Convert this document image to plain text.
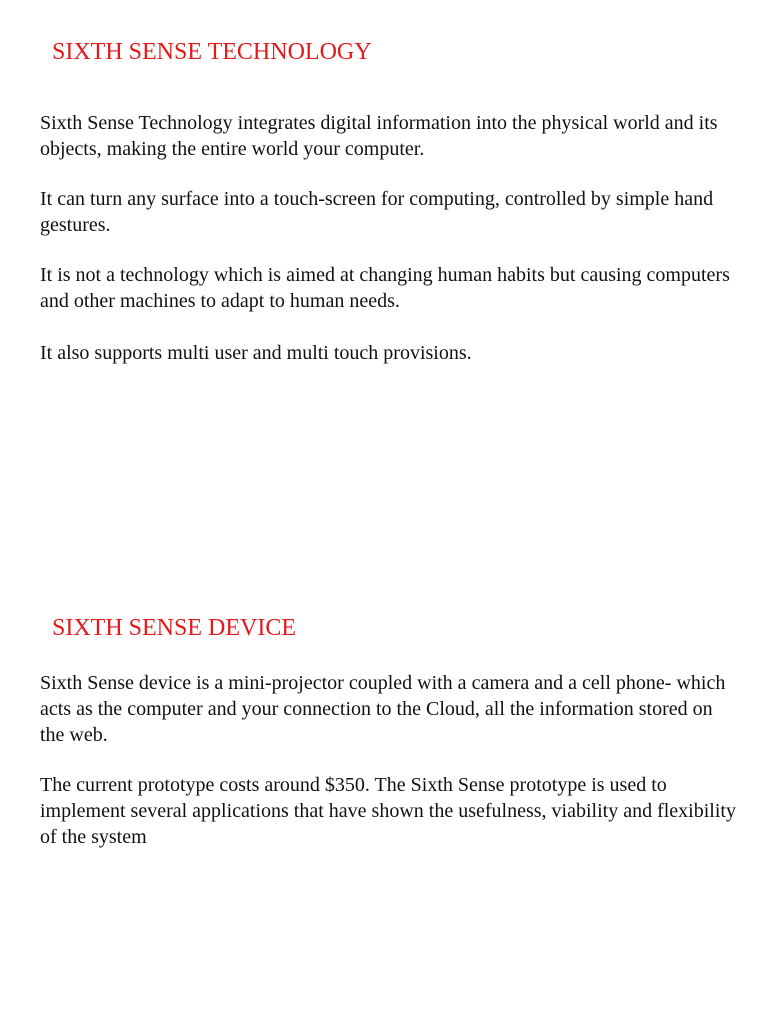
SIXTH SENSE TECHNOLOGY

Sixth Sense Technology integrates digital information into the physical world and its objects, making the entire world your computer.

It can turn any surface into a touch-screen for computing, controlled by simple hand gestures.

It is not a technology which is aimed at changing human habits but causing computers and other machines to adapt to human needs.

It also supports multi user and multi touch provisions.

SIXTH SENSE DEVICE

Sixth Sense device is a mini-projector coupled with a camera and a cell phone- which acts as the computer and your connection to the Cloud, all the information stored on the web.

The current prototype costs around $350. The Sixth Sense prototype is used to implement several applications that have shown the usefulness, viability and flexibility of the system
